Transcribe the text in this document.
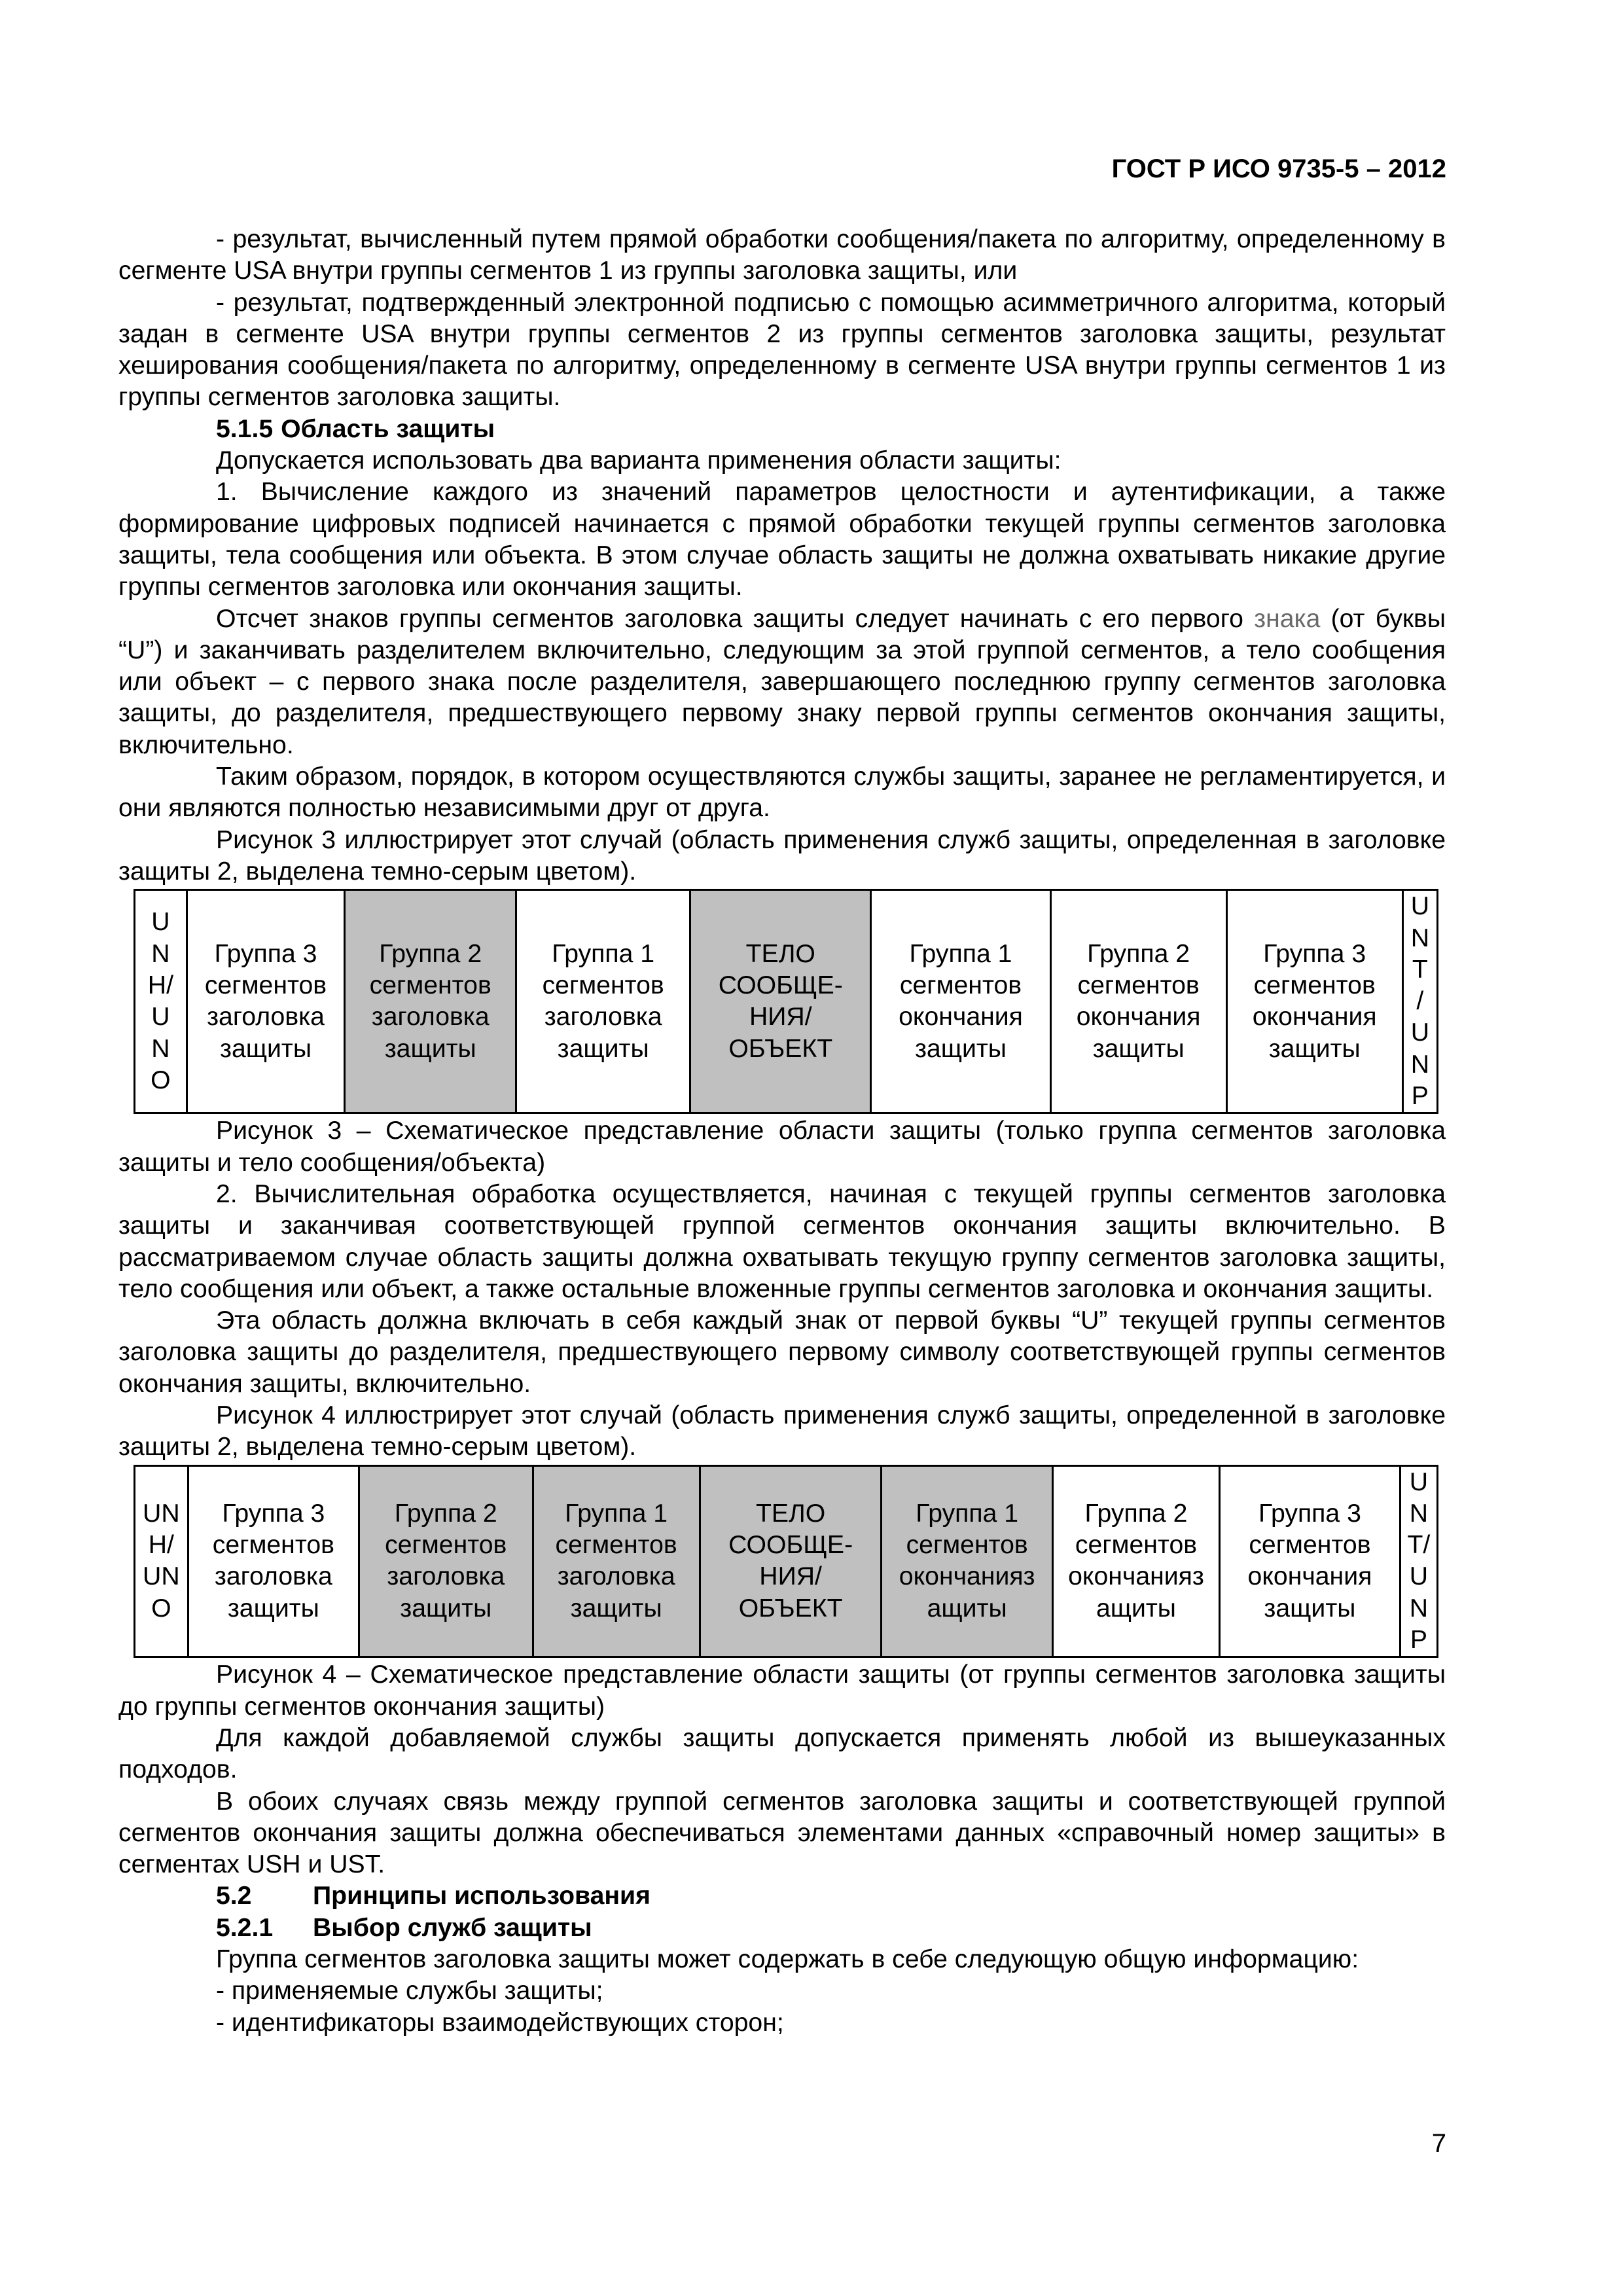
ГОСТ Р ИСО 9735-5 – 2012

- результат, вычисленный путем прямой обработки сообщения/пакета по алгоритму, определенному в сегменте USA внутри группы сегментов 1 из группы заголовка защиты, или

- результат, подтвержденный электронной подписью с помощью асимметричного алгоритма, который задан в сегменте USA внутри группы сегментов 2 из группы сегментов заголовка защиты, результат хеширования сообщения/пакета по алгоритму, определенному в сегменте USA внутри группы сегментов 1 из группы сегментов заголовка защиты.

5.1.5 Область защиты

Допускается использовать два варианта применения области защиты:

1. Вычисление каждого из значений параметров целостности и аутентификации, а также формирование цифровых подписей начинается с прямой обработки текущей группы сегментов заголовка защиты, тела сообщения или объекта. В этом случае область защиты не должна охватывать никакие другие группы сегментов заголовка или окончания защиты.

Отсчет знаков группы сегментов заголовка защиты следует начинать с его первого знака (от буквы “U”) и заканчивать разделителем включительно, следующим за этой группой сегментов, а тело сообщения или объект – с первого знака после разделителя, завершающего последнюю группу сегментов заголовка защиты, до разделителя, предшествующего первому знаку первой группы сегментов окончания защиты, включительно.

Таким образом, порядок, в котором осуществляются службы защиты, заранее не регламентируется, и они являются полностью независимыми друг от друга.

Рисунок 3 иллюстрирует этот случай (область применения служб защиты, определенная в заголовке защиты 2, выделена темно-серым цветом).

U
N
H/
U
N
O	Группа 3
сегментов
заголовка
защиты	Группа 2
сегментов
заголовка
защиты	Группа 1
сегментов
заголовка
защиты	ТЕЛО
СООБЩЕ-
НИЯ/
ОБЪЕКТ	Группа 1
сегментов
окончания
защиты	Группа 2
сегментов
окончания
защиты	Группа 3
сегментов
окончания
защиты	U
N
T
/
U
N
P

Рисунок 3 – Схематическое представление области защиты (только группа сегментов заголовка защиты и тело сообщения/объекта)

2. Вычислительная обработка осуществляется, начиная с текущей группы сегментов заголовка защиты и заканчивая соответствующей группой сегментов окончания защиты включительно. В рассматриваемом случае область защиты должна охватывать текущую группу сегментов заголовка защиты, тело сообщения или объект, а также остальные вложенные группы сегментов заголовка и окончания защиты.

Эта область должна включать в себя каждый знак от первой буквы “U” текущей группы сегментов заголовка защиты до разделителя, предшествующего первому символу соответствующей группы сегментов окончания защиты, включительно.

Рисунок 4 иллюстрирует этот случай (область применения служб защиты, определенной в заголовке защиты 2, выделена темно-серым цветом).

UN
H/
UN
O	Группа 3
сегментов
заголовка
защиты	Группа 2
сегментов
заголовка
защиты	Группа 1
сегментов
заголовка
защиты	ТЕЛО
СООБЩЕ-
НИЯ/
ОБЪЕКТ	Группа 1
сегментов
окончанияз
ащиты	Группа 2
сегментов
окончанияз
ащиты	Группа 3
сегментов
окончания
защиты	U
N
T/
U
N
P

Рисунок 4 – Схематическое представление области защиты (от группы сегментов заголовка защиты до группы сегментов окончания защиты)

Для каждой добавляемой службы защиты допускается применять любой из вышеуказанных подходов.

В обоих случаях связь между группой сегментов заголовка защиты и соответствующей группой сегментов окончания защиты должна обеспечиваться элементами данных «справочный номер защиты» в сегментах USH и UST.

5.2 Принципы использования
5.2.1 Выбор служб защиты

Группа сегментов заголовка защиты может содержать в себе следующую общую информацию:

- применяемые службы защиты;

- идентификаторы взаимодействующих сторон;

7
